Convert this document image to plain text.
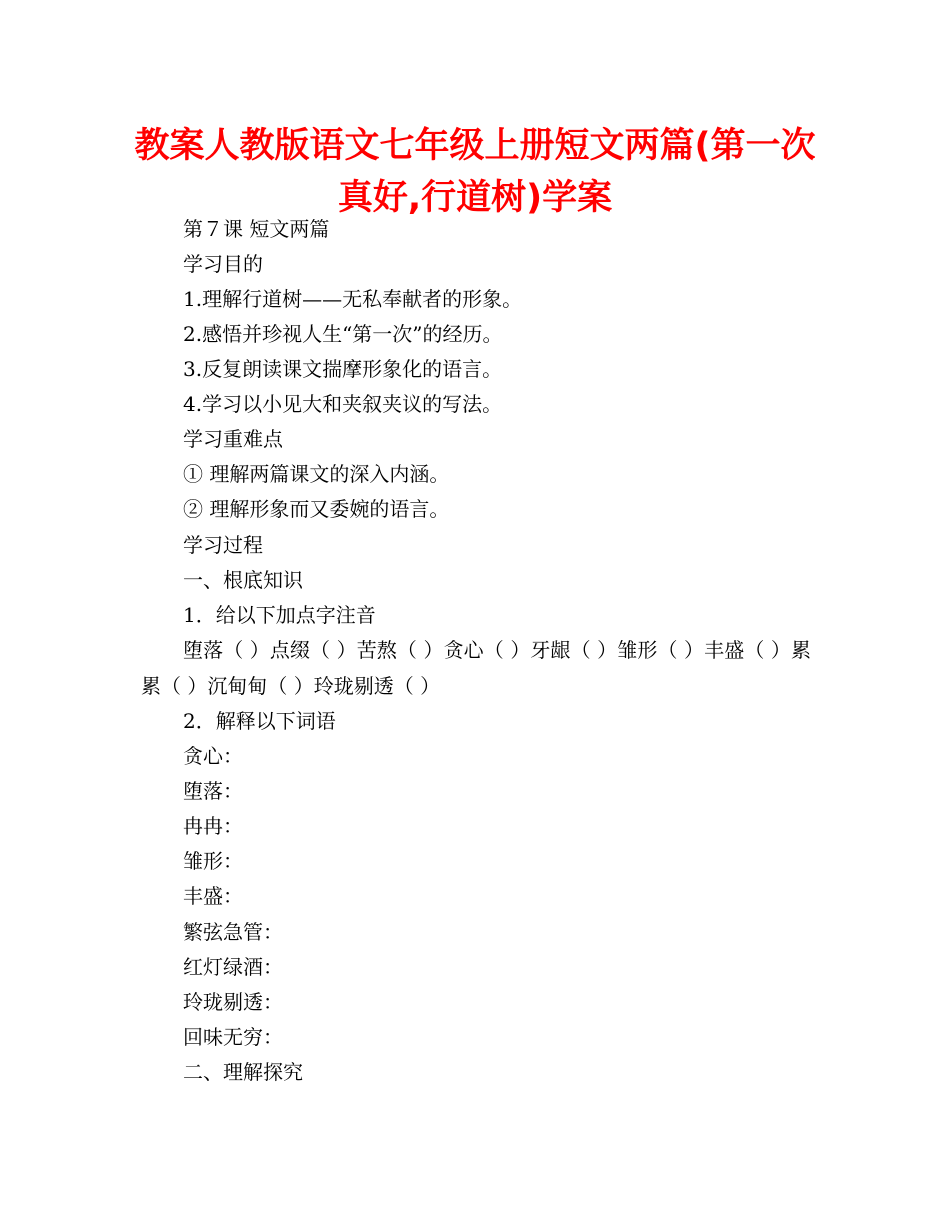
教案人教版语文七年级上册短文两篇(第一次真好,行道树)学案

第７课 短文两篇

学习目的

1.理解行道树——无私奉献者的形象。

2.感悟并珍视人生“第一次”的经历。

3.反复朗读课文揣摩形象化的语言。

4.学习以小见大和夹叙夹议的写法。

学习重难点

① 理解两篇课文的深入内涵。

② 理解形象而又委婉的语言。

学习过程

一、根底知识

1．给以下加点字注音

堕落（ ）点缀（ ）苦熬（ ）贪心（ ）牙龈（ ）雏形（ ）丰盛（ ）累累（ ）沉甸甸（ ）玲珑剔透（ ）

2．解释以下词语

贪心：

堕落：

冉冉：

雏形：

丰盛：

繁弦急管：

红灯绿酒：

玲珑剔透：

回味无穷：

二、理解探究
